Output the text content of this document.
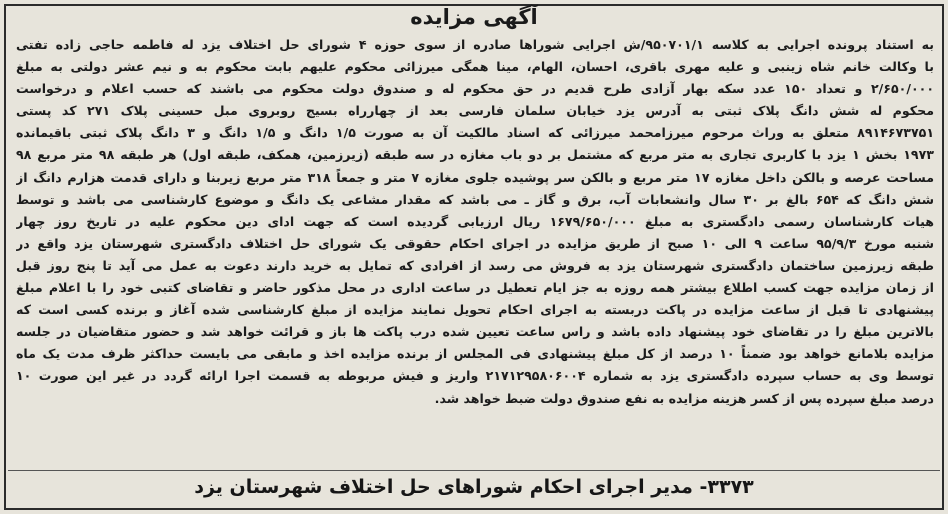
آگهی مزایده

به استناد پرونده اجرایی به کلاسه ۹۵۰۷۰۱/۱/ش اجرایی شوراها صادره از سوی حوزه ۴ شورای حل اختلاف یزد له فاطمه حاجی زاده تفتی
با وکالت خانم شاه زینبی و علیه مهری باقری، احسان، الهام، مینا همگی میرزائی محکوم علیهم بابت محکوم به و نیم عشر دولتی به مبلغ
۲/۶۵۰/۰۰۰ و تعداد ۱۵۰ عدد سکه بهار آزادی طرح قدیم در حق محکوم له و صندوق دولت محکوم می باشند که حسب اعلام و درخواست
محکوم له شش دانگ پلاک ثبتی به آدرس یزد خیابان سلمان فارسی بعد از چهارراه بسیج روبروی مبل حسینی پلاک ۲۷۱ کد پستی
۸۹۱۴۶۷۳۷۵۱ متعلق به وراث مرحوم میرزامحمد میرزائی که اسناد مالکیت آن به صورت ۱/۵ دانگ و ۱/۵ دانگ و ۳ دانگ پلاک ثبتی باقیمانده
۱۹۷۳ بخش ۱ یزد با کاربری تجاری به متر مربع که مشتمل بر دو باب مغازه در سه طبقه (زیرزمین، همکف، طبقه اول) هر طبقه ۹۸ متر مربع ۹۸
مساحت عرصه و بالکن داخل مغازه ۱۷ متر مربع و بالکن سر پوشیده جلوی مغازه ۷ متر و جمعاً ۳۱۸ متر مربع زیربنا و دارای قدمت هزارم دانگ از
شش دانگ که ۶۵۴ بالغ بر ۳۰ سال وانشعابات آب، برق و گاز ـ می باشد که مقدار مشاعی یک دانگ و موضوع کارشناسی می باشد و توسط
هیات کارشناسان رسمی دادگستری به مبلغ ۱۶۷۹/۶۵۰/۰۰۰ ریال ارزیابی گردیده است که جهت ادای دین محکوم علیه در تاریخ روز چهار
شنبه مورخ ۹۵/۹/۳ ساعت ۹ الی ۱۰ صبح از طریق مزایده در اجرای احکام حقوقی یک شورای حل اختلاف دادگستری شهرستان یزد واقع در
طبقه زیرزمین ساختمان دادگستری شهرستان یزد به فروش می رسد از افرادی که تمایل به خرید دارند دعوت به عمل می آید تا پنج روز قبل
از زمان مزایده جهت کسب اطلاع بیشتر همه روزه به جز ایام تعطیل در ساعت اداری در محل مذکور حاضر و تقاضای کتبی خود را با اعلام مبلغ
پیشنهادی تا قبل از ساعت مزایده در پاکت دربسته به اجرای احکام تحویل نمایند مزایده از مبلغ کارشناسی شده آغاز و برنده کسی است که
بالاترین مبلغ را در تقاضای خود پیشنهاد داده باشد و راس ساعت تعیین شده درب پاکت ها باز و قرائت خواهد شد و حضور متقاضیان در جلسه
مزایده بلامانع خواهد بود ضمناً ۱۰ درصد از کل مبلغ پیشنهادی فی المجلس از برنده مزایده اخذ و مابقی می بایست حداکثر ظرف مدت یک ماه
توسط وی به حساب سپرده دادگستری یزد به شماره ۲۱۷۱۲۹۵۸۰۶۰۰۴ واریز و فیش مربوطه به قسمت اجرا ارائه گردد در غیر این صورت ۱۰
درصد مبلغ سپرده پس از کسر هزینه مزایده به نفع صندوق دولت ضبط خواهد شد.

۳۳۷۳- مدیر اجرای احکام شوراهای حل اختلاف شهرستان یزد
